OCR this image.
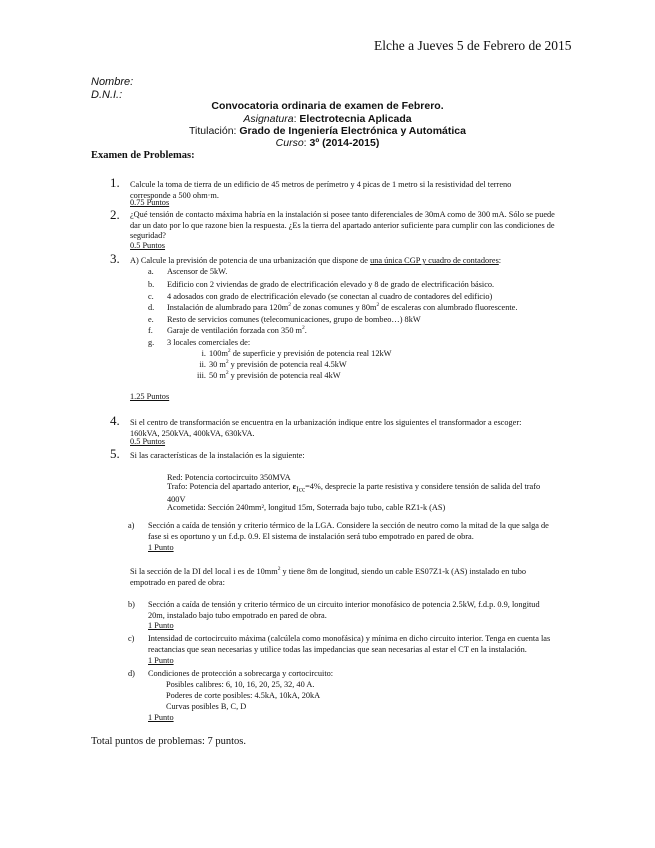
Elche a Jueves 5 de Febrero de 2015
Nombre:
D.N.I.:
Convocatoria ordinaria de examen de Febrero.
Asignatura: Electrotecnia Aplicada
Titulación: Grado de Ingeniería Electrónica y Automática
Curso: 3º (2014-2015)
Examen de Problemas:
1. Calcule la toma de tierra de un edificio de 45 metros de perímetro y 4 picas de 1 metro si la resistividad del terreno corresponde a 500 ohm·m.
0.75 Puntos
2. ¿Qué tensión de contacto máxima habría en la instalación si posee tanto diferenciales de 30mA como de 300 mA. Sólo se puede dar un dato por lo que razone bien la respuesta. ¿Es la tierra del apartado anterior suficiente para cumplir con las condiciones de seguridad?
0.5 Puntos
3. A) Calcule la previsión de potencia de una urbanización que dispone de una única CGP y cuadro de contadores:
a. Ascensor de 5kW.
b. Edificio con 2 viviendas de grado de electrificación elevado y 8 de grado de electrificación básico.
c. 4 adosados con grado de electrificación elevado (se conectan al cuadro de contadores del edificio)
d. Instalación de alumbrado para $120m^2$ de zonas comunes y $80m^2$ de escaleras con alumbrado fluorescente.
e. Resto de servicios comunes (telecomunicaciones, grupo de bombeo…) 8kW
f. Garaje de ventilación forzada con 350 $m^2$.
g. 3 locales comerciales de:
i. $100m^2$ de superficie y previsión de potencia real 12kW
ii. 30 $m^2$ y previsión de potencia real 4.5kW
iii. 50 $m^2$ y previsión de potencia real 4kW
1.25 Puntos
4. Si el centro de transformación se encuentra en la urbanización indique entre los siguientes el transformador a escoger: 160kVA, 250kVA, 400kVA, 630kVA.
0.5 Puntos
5. Si las características de la instalación es la siguiente:
Red: Potencia cortocircuito 350MVA
Trafo: Potencia del apartado anterior, $\varepsilon_{Icc}=4\%$, desprecie la parte resistiva y considere tensión de salida del trafo 400V
Acometida: Sección 240mm², longitud 15m, Soterrada bajo tubo, cable RZ1-k (AS)
a) Sección a caída de tensión y criterio térmico de la LGA. Considere la sección de neutro como la mitad de la que salga de fase si es oportuno y un f.d.p. 0.9. El sistema de instalación será tubo empotrado en pared de obra.
1 Punto
Si la sección de la DI del local i es de $10mm^2$ y tiene 8m de longitud, siendo un cable ES07Z1-k (AS) instalado en tubo empotrado en pared de obra:
b) Sección a caída de tensión y criterio térmico de un circuito interior monofásico de potencia 2.5kW, f.d.p. 0.9, longitud 20m, instalado bajo tubo empotrado en pared de obra.
1 Punto
c) Intensidad de cortocircuito máxima (calcúlela como monofásica) y mínima en dicho circuito interior. Tenga en cuenta las reactancias que sean necesarias y utilice todas las impedancias que sean necesarias al estar el CT en la instalación.
1 Punto
d) Condiciones de protección a sobrecarga y cortocircuito:
Posibles calibres: 6, 10, 16, 20, 25, 32, 40 A.
Poderes de corte posibles: 4.5kA, 10kA, 20kA
Curvas posibles B, C, D
1 Punto
Total puntos de problemas: 7 puntos.
